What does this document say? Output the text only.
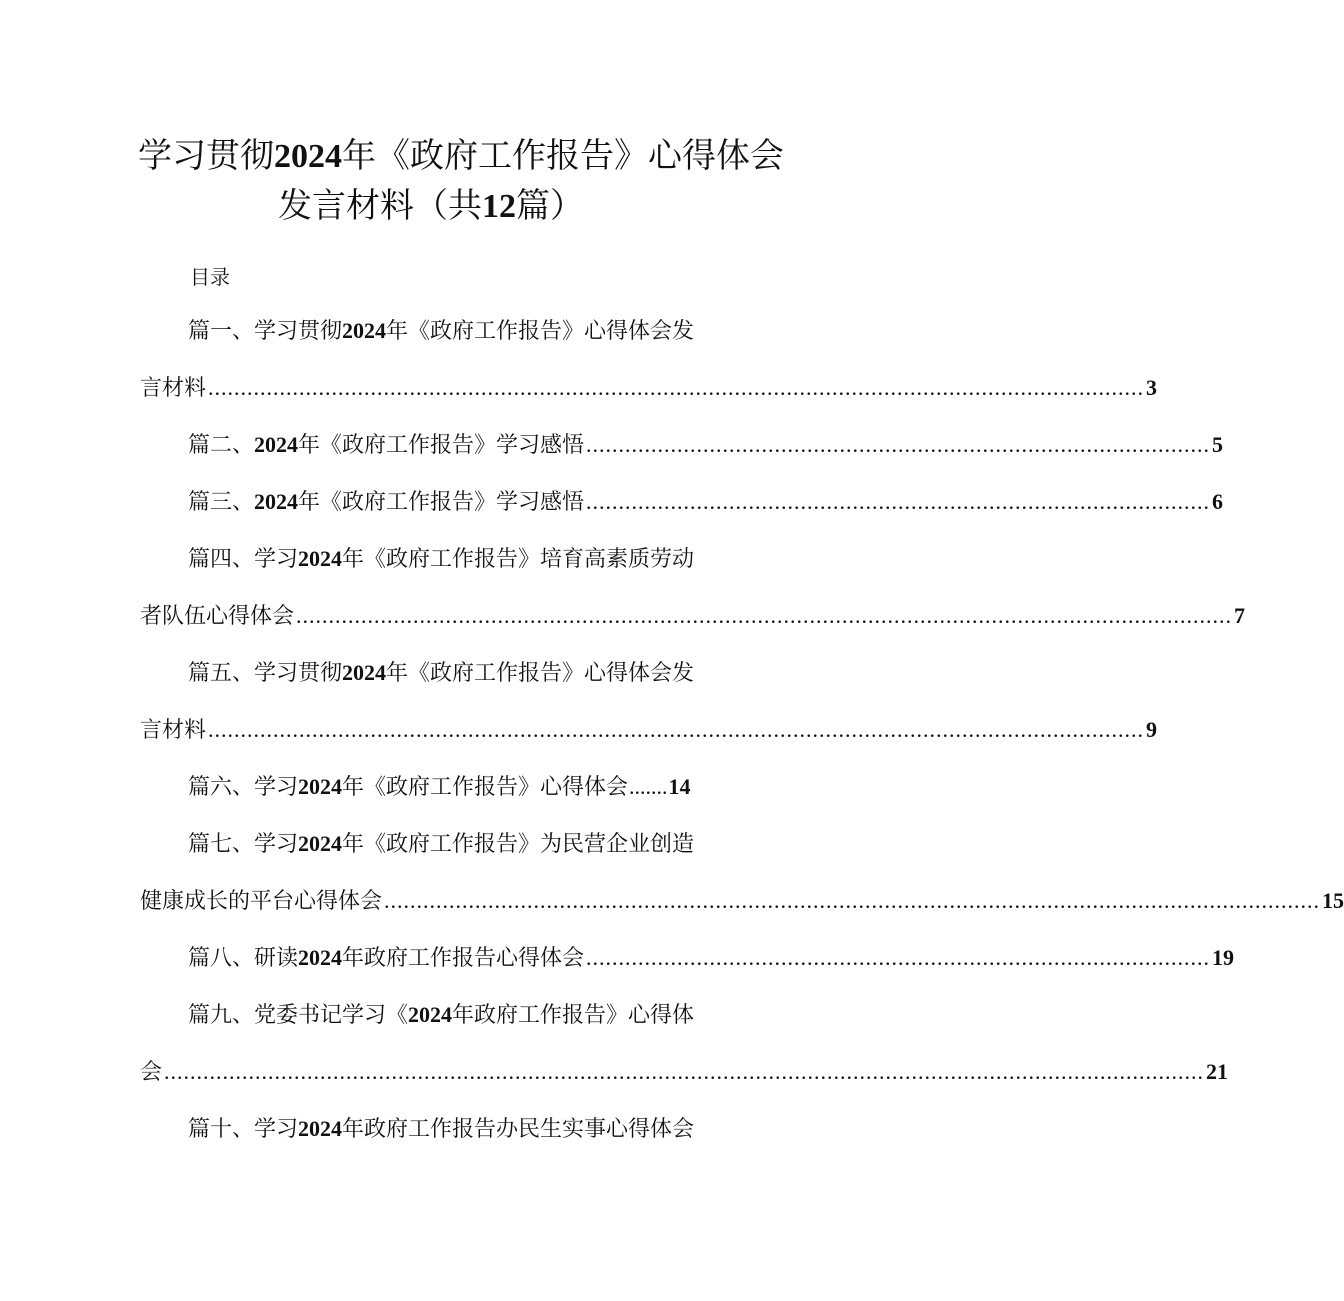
学习贯彻2024年《政府工作报告》心得体会
发言材料（共12篇）
目录
篇一、学习贯彻2024年《政府工作报告》心得体会发
言材料 ................................................................................................................................................ 3
篇二、 2024 年《政府工作报告》学习感悟 ................................................................................................ 5
篇三、 2024 年《政府工作报告》学习感悟 ................................................................................................ 6
篇四、学习2024年《政府工作报告》培育高素质劳动
者队伍心得体会 ................................................................................................................................................ 7
篇五、学习贯彻2024年《政府工作报告》心得体会发
言材料 ................................................................................................................................................ 9
篇六、学习 2024 年《政府工作报告》心得体会 ....... 14
篇七、学习2024年《政府工作报告》为民营企业创造
健康成长的平台心得体会 ................................................................................................................................................ 15
篇八、研读 2024 年政府工作报告心得体会 ................................................................................................ 19
篇九、党委书记学习《2024年政府工作报告》心得体
会 ................................................................................................................................................................ 21
篇十、学习2024年政府工作报告办民生实事心得体会
